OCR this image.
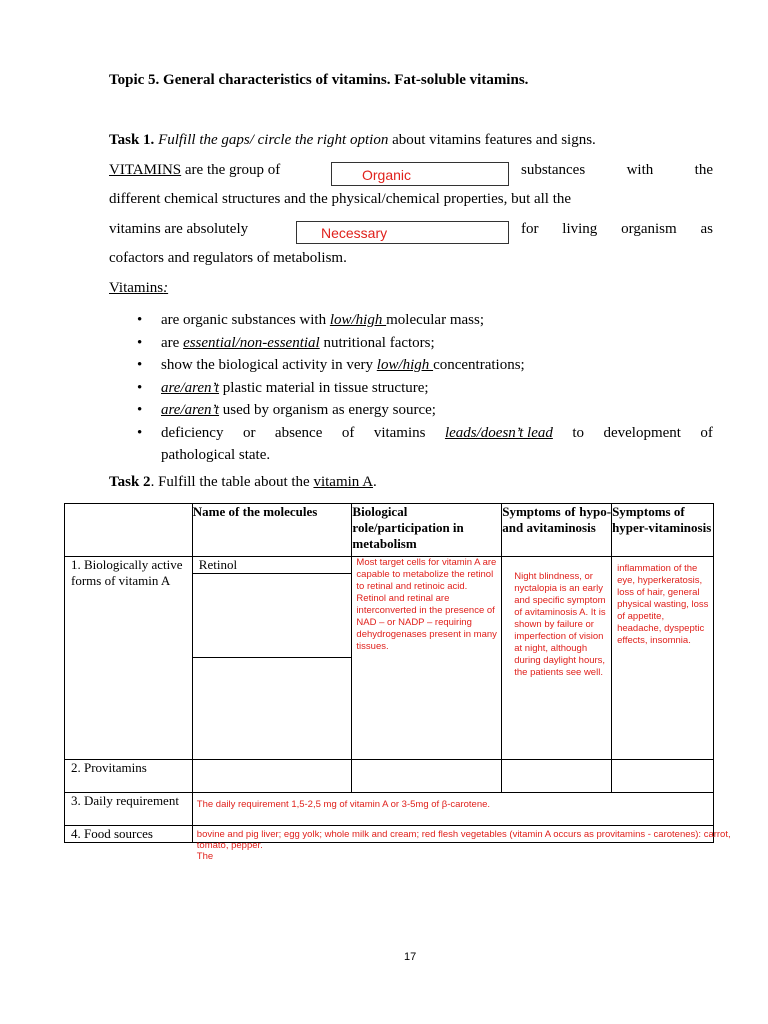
Topic 5. General characteristics of vitamins. Fat-soluble vitamins.
Task 1. Fulfill the gaps/ circle the right option about vitamins features and signs.
VITAMINS are the group of	Organic	substances	with	the
different chemical structures and the physical/chemical properties, but all the
vitamins are absolutely	Necessary	for living organism as
cofactors and regulators of metabolism.
Vitamins:
• are organic substances with low/high molecular mass;
• are essential/non-essential nutritional factors;
• show the biological activity in very low/high concentrations;
• are/aren’t plastic material in tissue structure;
• are/aren’t used by organism as energy source;
• deficiency or absence of vitamins leads/doesn’t lead to development of
pathological state.
Task 2. Fulfill the table about the vitamin A.
	Name of the molecules	Biological role/participation in metabolism	Symptoms of hypo- and avitaminosis	Symptoms of hyper-vitaminosis
1. Biologically active forms of vitamin A	Retinol	Most target cells for vitamin A are capable to metabolize the retinol to retinal and retinoic acid. Retinol and retinal are interconverted in the presence of NAD – or NADP – requiring dehydrogenases present in many tissues.	Night blindness, or nyctalopia is an early and specific symptom of avitaminosis A. It is shown by failure or imperfection of vision at night, although during daylight hours, the patients see well.	inflammation of the eye, hyperkeratosis, loss of hair, general physical wasting, loss of appetite, headache, dyspeptic effects, insomnia.

2. Provitamins				
3. Daily requirement	The daily requirement 1,5-2,5 mg of vitamin A or 3-5mg of β-carotene.			

4. Food sources	bovine and pig liver; egg yolk; whole milk and cream; red flesh vegetables (vitamin A occurs as provitamins - carotenes): carrot, tomato, pepper.
The			
17
